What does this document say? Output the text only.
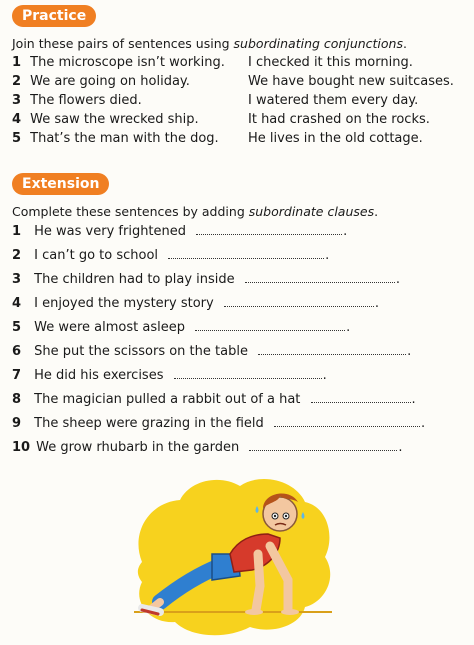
Practice
Join these pairs of sentences using subordinating conjunctions.
1 The microscope isn’t working. I checked it this morning.
2 We are going on holiday.	We have bought new suitcases.
3 The flowers died.	I watered them every day.
4 We saw the wrecked ship.	It had crashed on the rocks.
5 That’s the man with the dog. He lives in the old cottage.
Extension
Complete these sentences by adding subordinate clauses.
1 He was very frightened	.
2 I can’t go to school	.
3 The children had to play inside	.
4 I enjoyed the mystery story	.
5 We were almost asleep	.
6 She put the scissors on the table	.
7 He did his exercises	.
8 The magician pulled a rabbit out of a hat	.
9 The sheep were grazing in the field	.
10 We grow rhubarb in the garden	.
